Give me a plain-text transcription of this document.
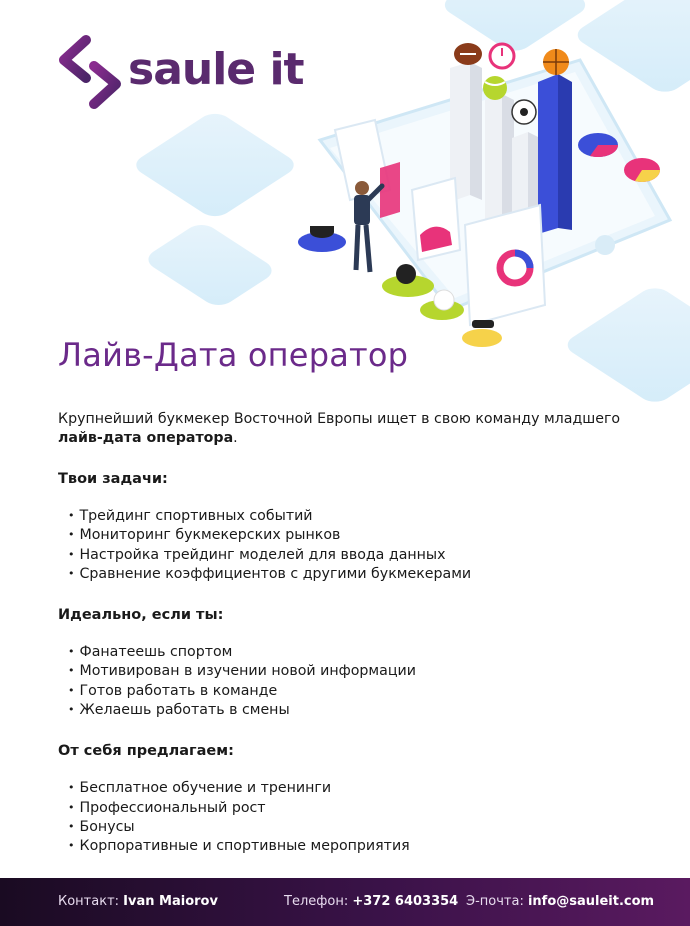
saule it
Лайв-Дата оператор

Крупнейший букмекер Восточной Европы ищет в свою команду младшего
лайв-дата оператора.

Твои задачи:
• Трейдинг спортивных событий
• Мониторинг букмекерских рынков
• Настройка трейдинг моделей для ввода данных
• Сравнение коэффициентов с другими букмекерами
Идеально, если ты:
• Фанатеешь спортом
• Мотивирован в изучении новой информации
• Готов работать в команде
• Желаешь работать в смены
От себя предлагаем:
• Бесплатное обучение и тренинги
• Профессиональный рост
• Бонусы
• Корпоративные и спортивные мероприятия
Контакт: Ivan Maiorov	Телефон: +372 6403354 Э-почта: info@sauleit.com
